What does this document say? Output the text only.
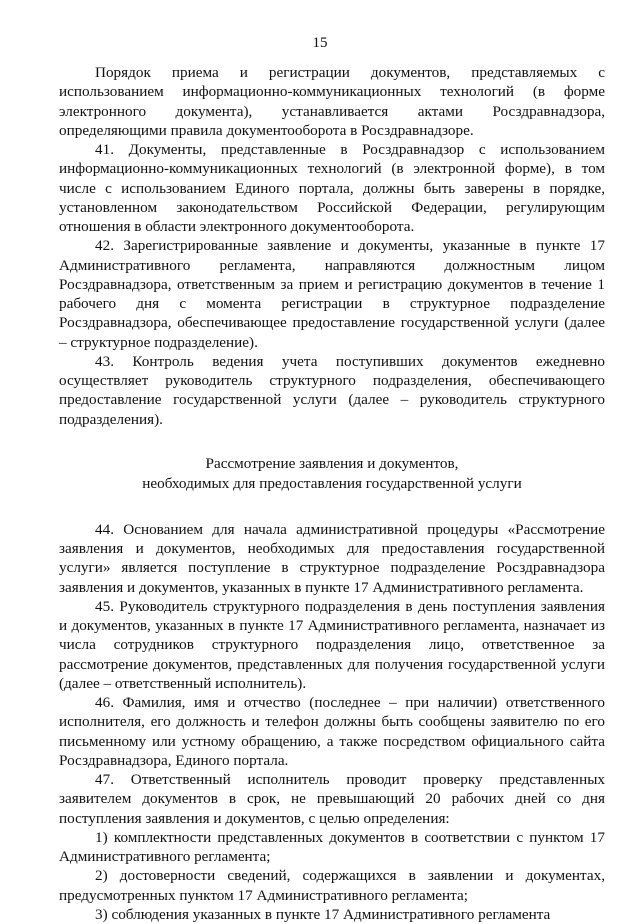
15

Порядок приема и регистрации документов, представляемых с использованием информационно-коммуникационных технологий (в форме электронного документа), устанавливается актами Росздравнадзора, определяющими правила документооборота в Росздравнадзоре.

41. Документы, представленные в Росздравнадзор с использованием информационно-коммуникационных технологий (в электронной форме), в том числе с использованием Единого портала, должны быть заверены в порядке, установленном законодательством Российской Федерации, регулирующим отношения в области электронного документооборота.

42. Зарегистрированные заявление и документы, указанные в пункте 17 Административного регламента, направляются должностным лицом Росздравнадзора, ответственным за прием и регистрацию документов в течение 1 рабочего дня с момента регистрации в структурное подразделение Росздравнадзора, обеспечивающее предоставление государственной услуги (далее – структурное подразделение).

43. Контроль ведения учета поступивших документов ежедневно осуществляет руководитель структурного подразделения, обеспечивающего предоставление государственной услуги (далее – руководитель структурного подразделения).

Рассмотрение заявления и документов,
необходимых для предоставления государственной услуги

44. Основанием для начала административной процедуры «Рассмотрение заявления и документов, необходимых для предоставления государственной услуги» является поступление в структурное подразделение Росздравнадзора заявления и документов, указанных в пункте 17 Административного регламента.

45. Руководитель структурного подразделения в день поступления заявления и документов, указанных в пункте 17 Административного регламента, назначает из числа сотрудников структурного подразделения лицо, ответственное за рассмотрение документов, представленных для получения государственной услуги (далее – ответственный исполнитель).

46. Фамилия, имя и отчество (последнее – при наличии) ответственного исполнителя, его должность и телефон должны быть сообщены заявителю по его письменному или устному обращению, а также посредством официального сайта Росздравнадзора, Единого портала.

47. Ответственный исполнитель проводит проверку представленных заявителем документов в срок, не превышающий 20 рабочих дней со дня поступления заявления и документов, с целью определения:

1) комплектности представленных документов в соответствии с пунктом 17 Административного регламента;

2) достоверности сведений, содержащихся в заявлении и документах, предусмотренных пунктом 17 Административного регламента;

3) соблюдения указанных в пункте 17 Административного регламента
